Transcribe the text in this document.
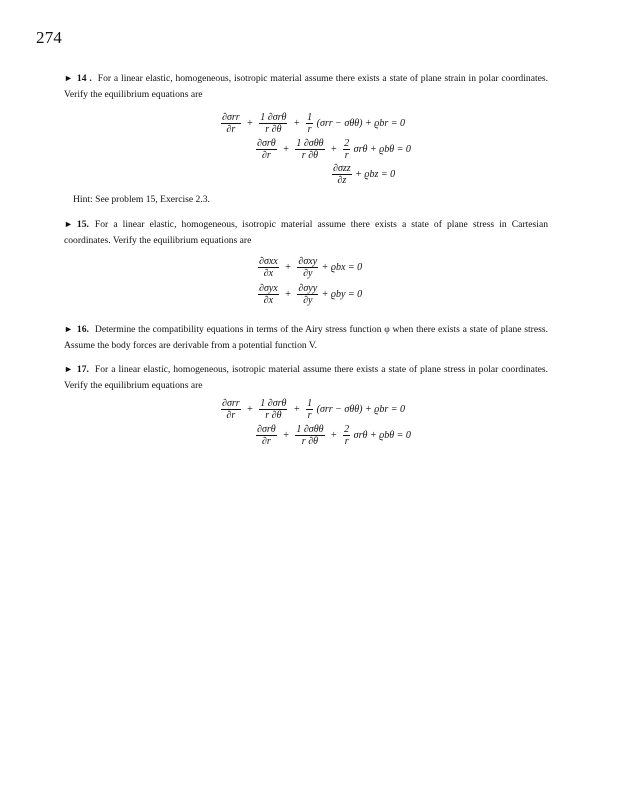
274

► 14 . For a linear elastic, homogeneous, isotropic material assume there exists a state of plane strain in polar coordinates. Verify the equilibrium equations are

$\frac{\text{∂σrr}}{\partial r} + \frac{\text{1 ∂σrθ}}{r \partial\theta} + \frac{1}{r} (\sigma rr - \sigma\theta\theta) + ϱbr = 0$
$\frac{\text{∂σrθ}}{\partial r} + \frac{\text{1 ∂σθθ}}{r \partial\theta} + \frac{2}{r}$ σrθ + ϱbθ = 0
$\frac{\text{∂σzz}}{\partial z} + ϱbz = 0$
Hint: See problem 15, Exercise 2.3.

► 15. For a linear elastic, homogeneous, isotropic material assume there exists a state of plane stress in Cartesian coordinates. Verify the equilibrium equations are

$\frac{\text{∂σxx}}{\partial x} + \frac{\text{∂σxy}}{\partial y} + ϱbx = 0$
$\frac{\text{∂σyx}}{\partial x} + \frac{\text{∂σyy}}{\partial y} + ϱby = 0$

► 16. Determine the compatibility equations in terms of the Airy stress function φ when there exists a state of plane stress. Assume the body forces are derivable from a potential function V.

► 17. For a linear elastic, homogeneous, isotropic material assume there exists a state of plane stress in polar coordinates. Verify the equilibrium equations are

$\frac{\text{∂σrr}}{\partial r} + \frac{\text{1 ∂σrθ}}{r \partial\theta} + \frac{1}{r} (\sigma rr - \sigma\theta\theta) + ϱbr = 0$
$\frac{\text{∂σrθ}}{\partial r} + \frac{\text{1 ∂σθθ}}{r \partial\theta} + \frac{2}{r}$ σrθ + ϱbθ = 0
